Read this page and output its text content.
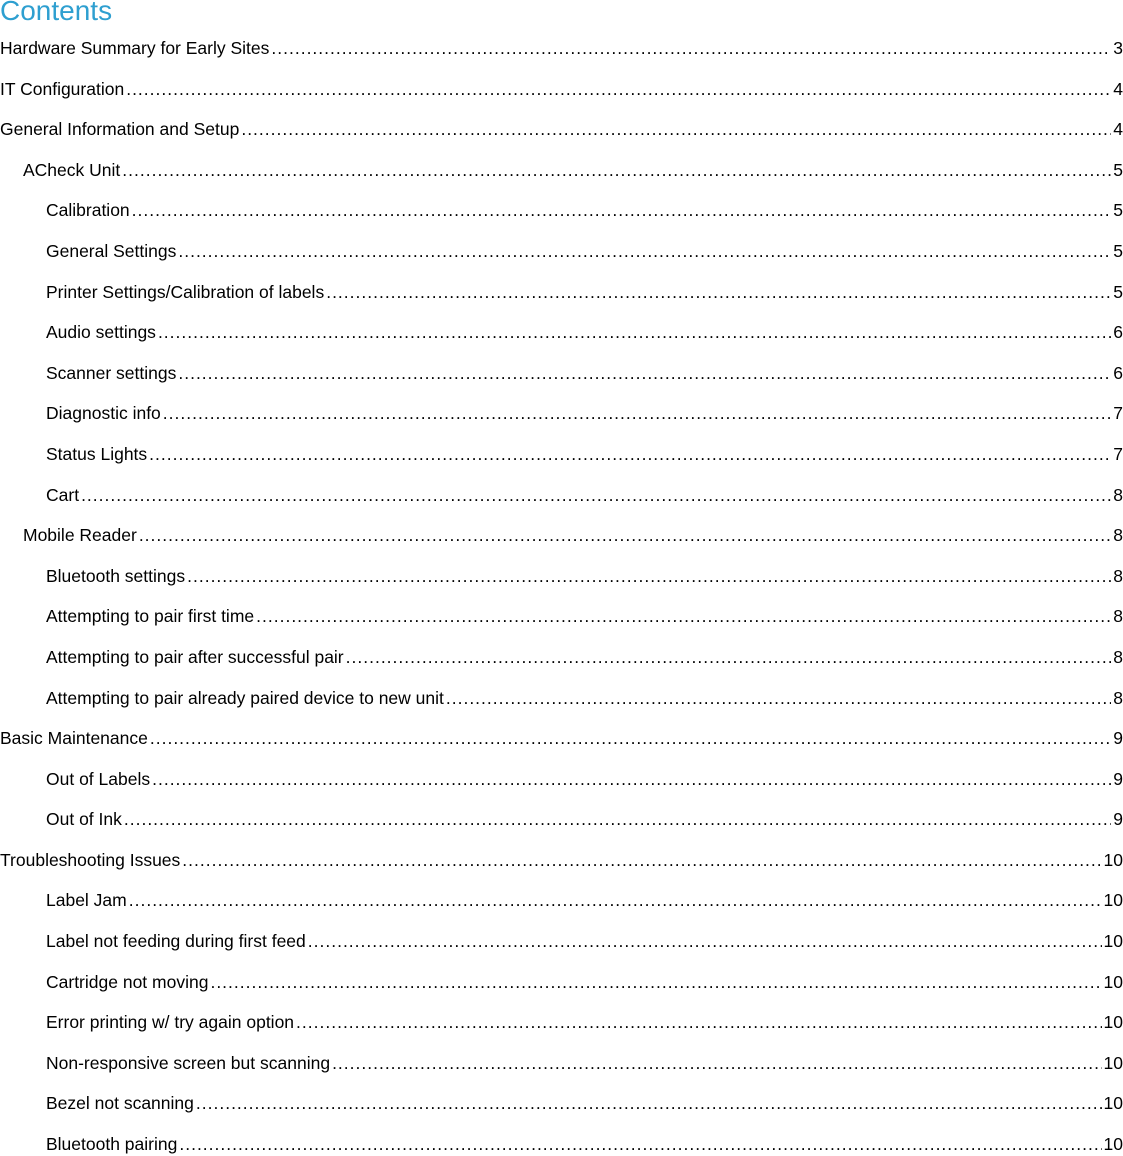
Contents
Hardware Summary for Early Sites .....	3
IT Configuration .....	4
General Information and Setup .....	4
ACheck Unit .....	5
Calibration .....	5
General Settings .....	5
Printer Settings/Calibration of labels .....	5
Audio settings .....	6
Scanner settings .....	6
Diagnostic info .....	7
Status Lights .....	7
Cart .....	8
Mobile Reader .....	8
Bluetooth settings .....	8
Attempting to pair first time .....	8
Attempting to pair after successful pair .....	8
Attempting to pair already paired device to new unit .....	8
Basic Maintenance .....	9
Out of Labels .....	9
Out of Ink .....	9
Troubleshooting Issues .....	10
Label Jam .....	10
Label not feeding during first feed .....	10
Cartridge not moving .....	10
Error printing w/ try again option .....	10
Non-responsive screen but scanning .....	10
Bezel not scanning .....	10
Bluetooth pairing .....	10
